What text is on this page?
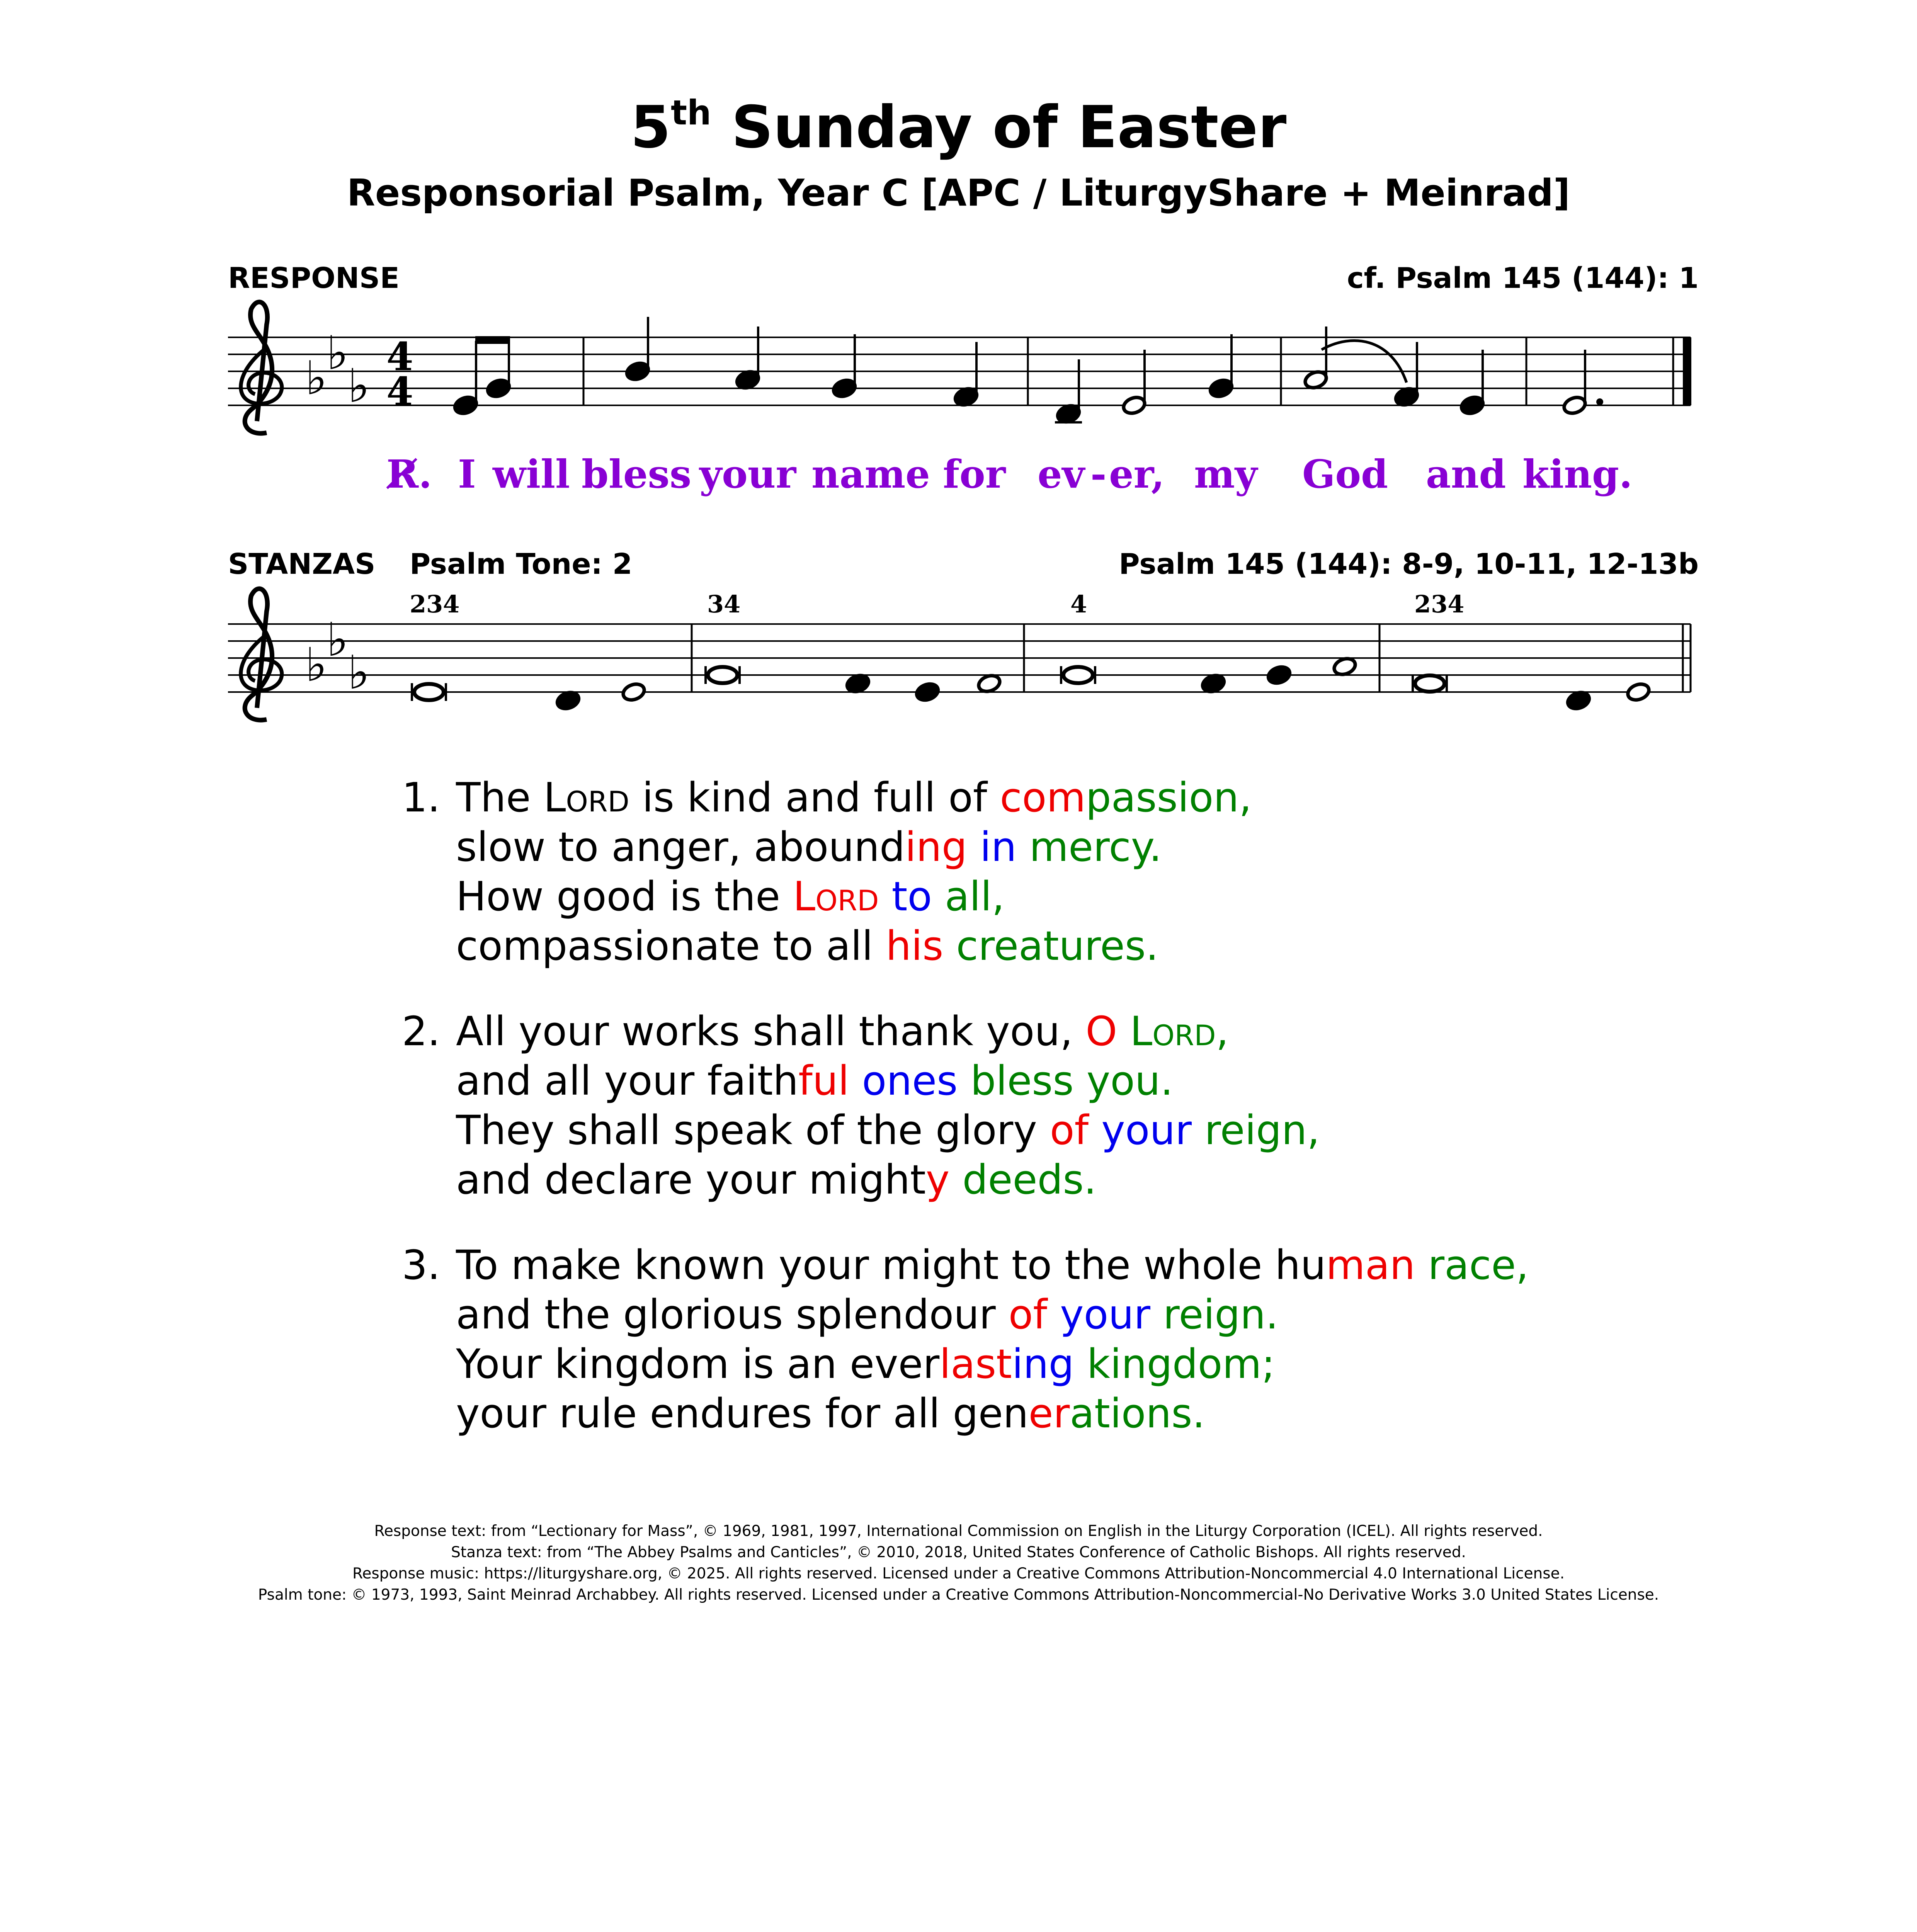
5th Sunday of Easter
Responsorial Psalm, Year C [APC / LiturgyShare + Meinrad]
RESPONSE	cf. Psalm 145 (144): 1
♭
♭
♭
4
4
R̸. I will bless your name for ev - er, my God and king.
STANZAS Psalm Tone: 2	Psalm 145 (144): 8-9, 10-11, 12-13b
♭
♭
♭
234	34	4	234
1. The Lord is kind and full of compassion,
slow to anger, abounding in mercy.
How good is the Lord to all,
compassionate to all his creatures.
2. All your works shall thank you, O Lord,
and all your faithful ones bless you.
They shall speak of the glory of your reign,
and declare your mighty deeds.
3. To make known your might to the whole human race,
and the glorious splendour of your reign.
Your kingdom is an everlasting kingdom;
your rule endures for all generations.
Response text: from “Lectionary for Mass”, © 1969, 1981, 1997, International Commission on English in the Liturgy Corporation (ICEL). All rights reserved.
Stanza text: from “The Abbey Psalms and Canticles”, © 2010, 2018, United States Conference of Catholic Bishops. All rights reserved.
Response music: https://liturgyshare.org, © 2025. All rights reserved. Licensed under a Creative Commons Attribution-Noncommercial 4.0 International License.
Psalm tone: © 1973, 1993, Saint Meinrad Archabbey. All rights reserved. Licensed under a Creative Commons Attribution-Noncommercial-No Derivative Works 3.0 United States License.
